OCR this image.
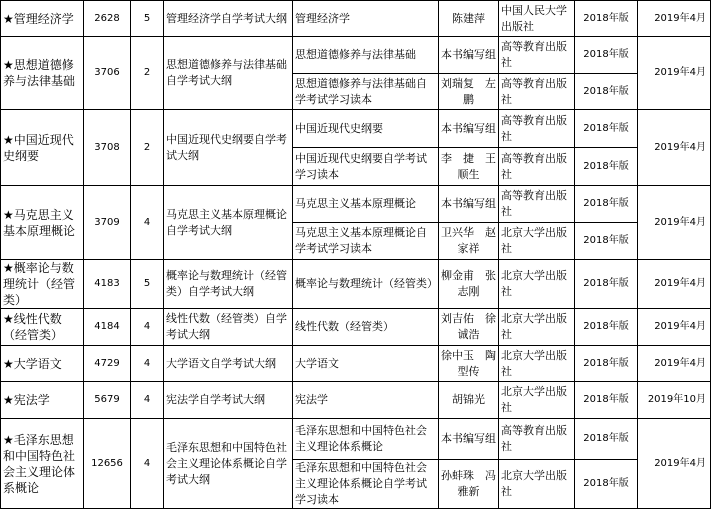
★管理经济学	2628	5	管理经济学自学考试大纲	管理经济学	陈建萍	中国人民大学出版社	2018年版	2019年4月
★思想道德修养与法律基础	3706	2	思想道德修养与法律基础自学考试大纲	思想道德修养与法律基础	本书编写组	高等教育出版社	2018年版	2019年4月
				思想道德修养与法律基础自学考试学习读本	刘瑞复　左　鹏	高等教育出版社	2018年版	
★中国近现代史纲要	3708	2	中国近现代史纲要自学考试大纲	中国近现代史纲要	本书编写组	高等教育出版社	2018年版	2019年4月
				中国近现代史纲要自学考试学习读本	李　捷　王顺生	高等教育出版社	2018年版	
★马克思主义基本原理概论	3709	4	马克思主义基本原理概论自学考试大纲	马克思主义基本原理概论	本书编写组	高等教育出版社	2018年版	2019年4月
				马克思主义基本原理概论自学考试学习读本	卫兴华　赵家祥	北京大学出版社	2018年版	
★概率论与数理统计（经管类）	4183	5	概率论与数理统计（经管类）自学考试大纲	概率论与数理统计（经管类）	柳金甫　张志刚	北京大学出版社	2018年版	2019年4月
★线性代数（经管类）	4184	4	线性代数（经管类）自学考试大纲	线性代数（经管类）	刘吉佑　徐诚浩	北京大学出版社	2018年版	2019年4月
★大学语文	4729	4	大学语文自学考试大纲	大学语文	徐中玉　陶型传	北京大学出版社	2018年版	2019年4月
★宪法学	5679	4	宪法学自学考试大纲	宪法学	胡锦光	北京大学出版社	2018年版	2019年10月
★毛泽东思想和中国特色社会主义理论体系概论	12656	4	毛泽东思想和中国特色社会主义理论体系概论自学考试大纲	毛泽东思想和中国特色社会主义理论体系概论	本书编写组	高等教育出版社	2018年版	2019年4月
				毛泽东思想和中国特色社会主义理论体系概论自学考试学习读本	孙蚌珠　冯雅新	北京大学出版社	2018年版	
